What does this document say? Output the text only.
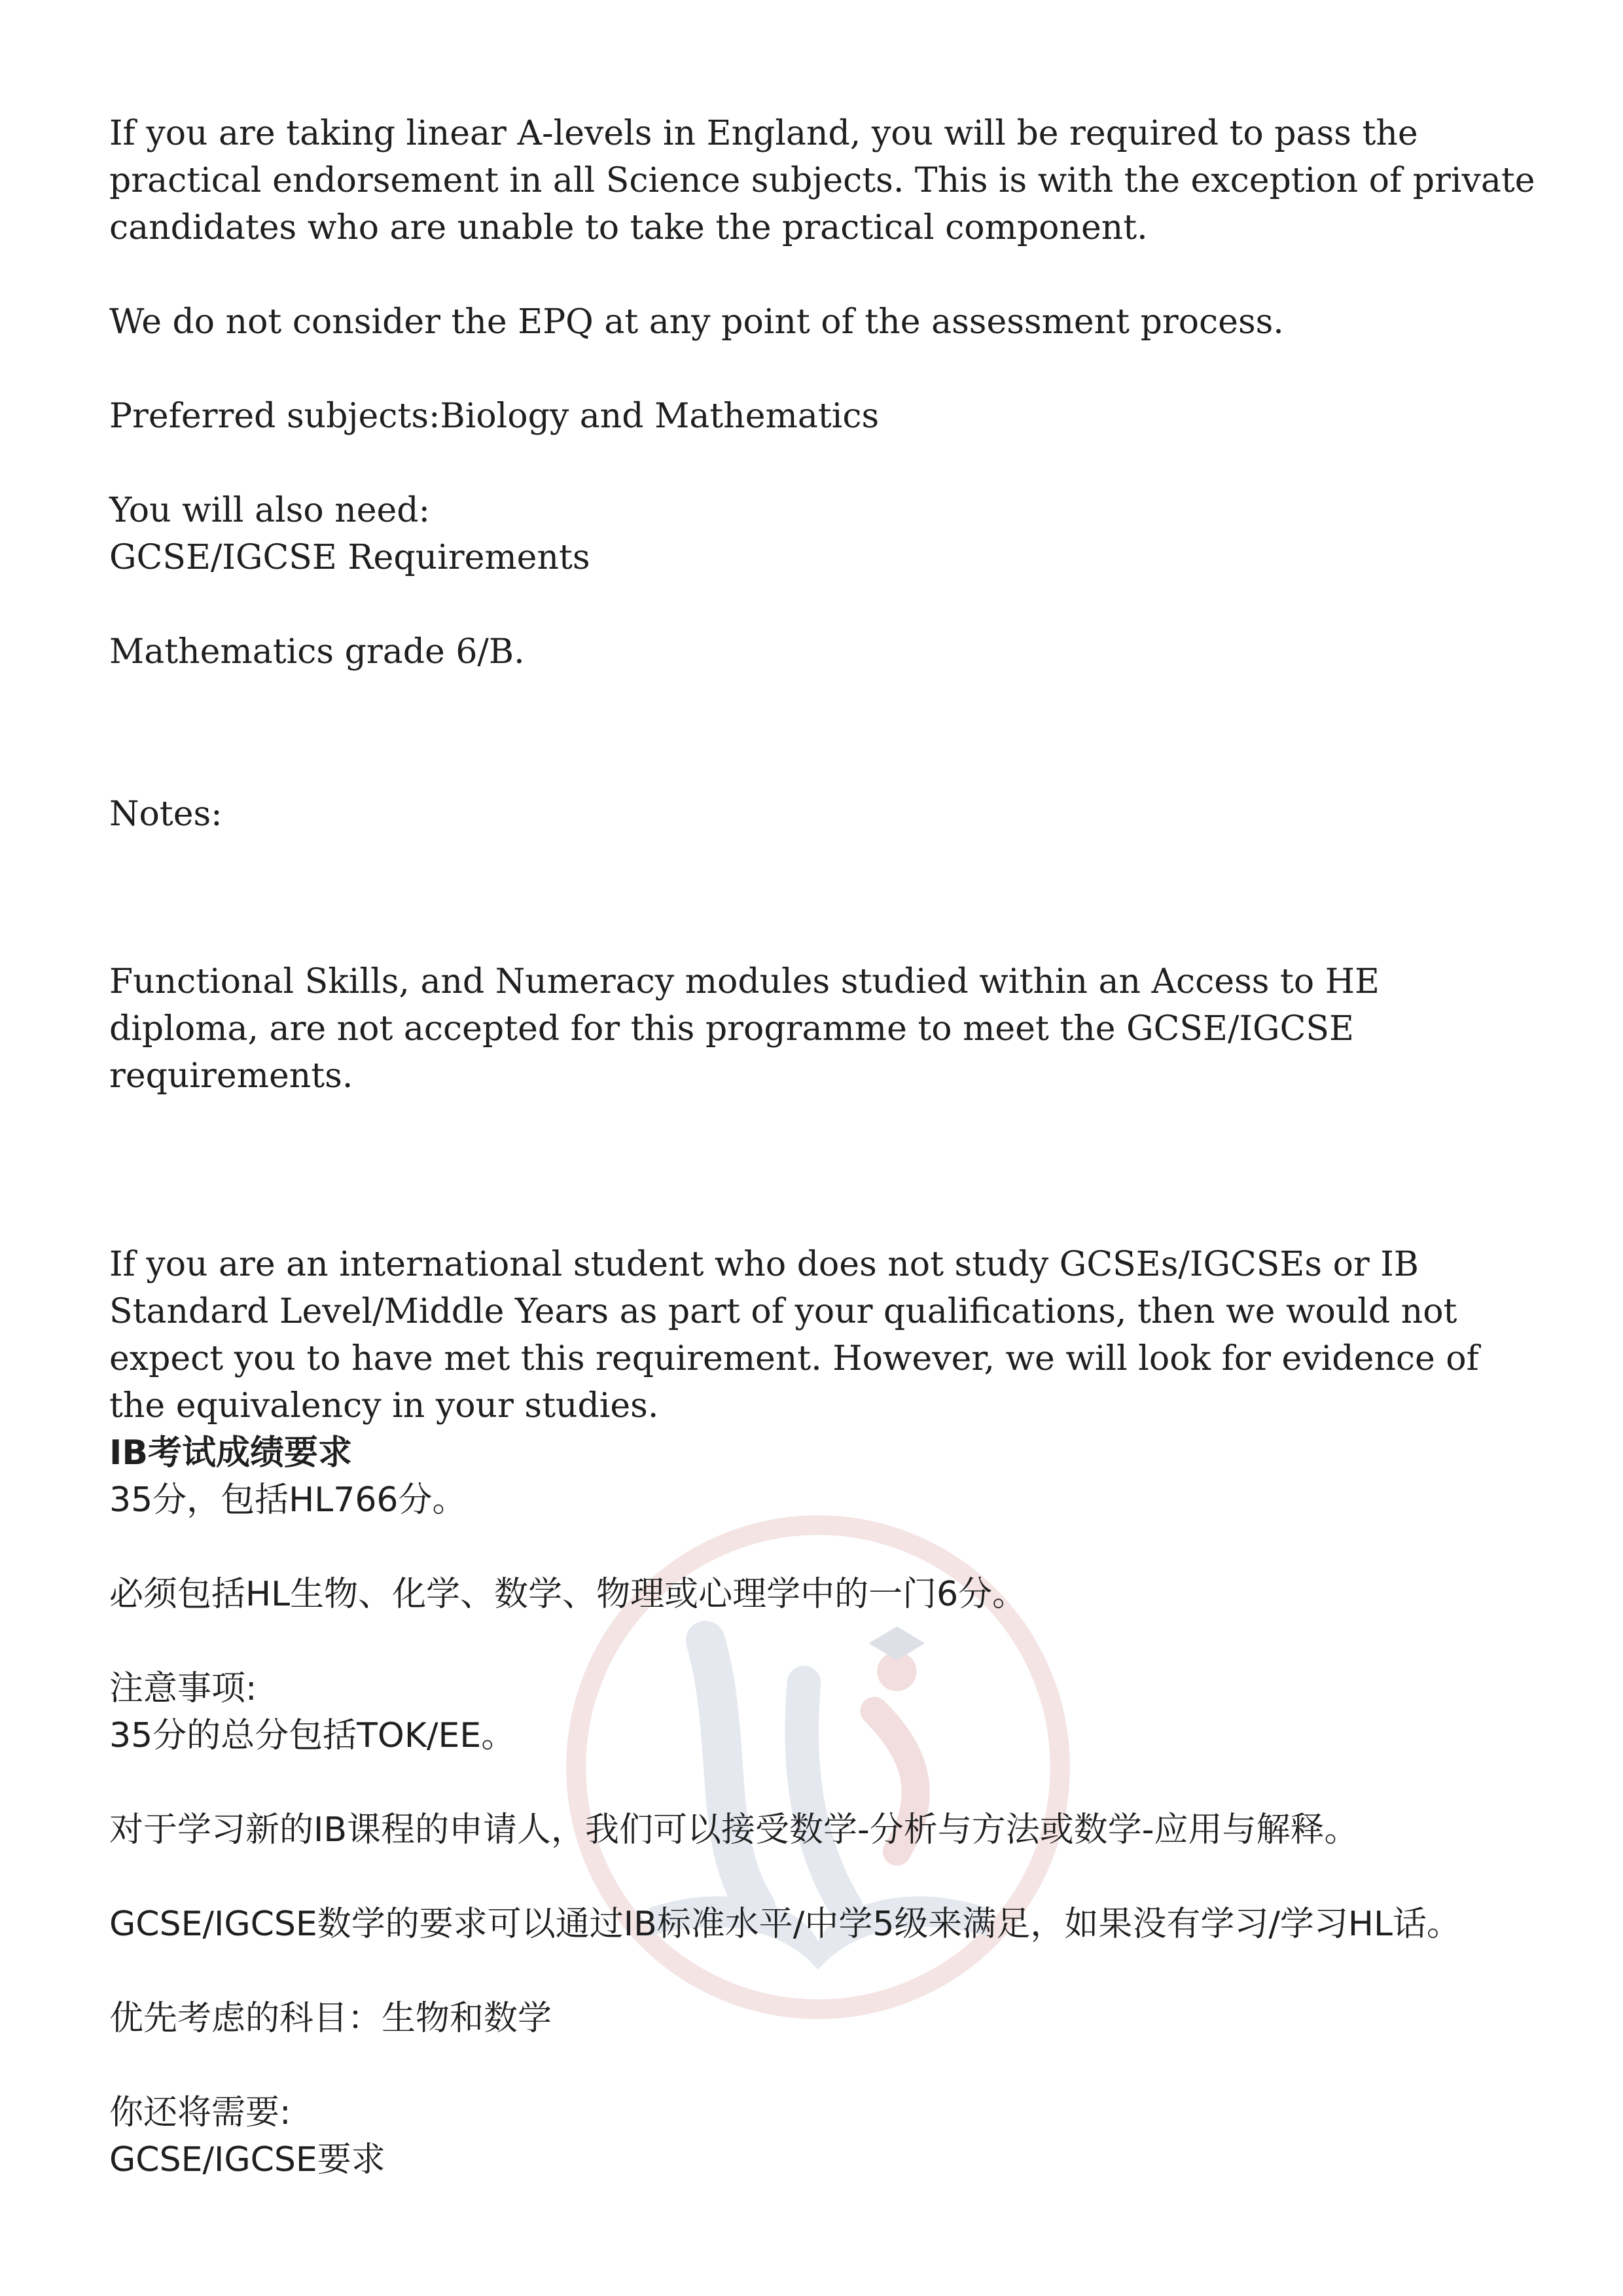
If you are taking linear A-levels in England, you will be required to pass the practical endorsement in all Science subjects. This is with the exception of private candidates who are unable to take the practical component.

We do not consider the EPQ at any point of the assessment process.

Preferred subjects:Biology and Mathematics

You will also need:

GCSE/IGCSE Requirements

Mathematics grade 6/B.

Notes:

Functional Skills, and Numeracy modules studied within an Access to HE diploma, are not accepted for this programme to meet the GCSE/IGCSE requirements.

If you are an international student who does not study GCSEs/IGCSEs or IB Standard Level/Middle Years as part of your qualifications, then we would not expect you to have met this requirement. However, we will look for evidence of the equivalency in your studies.

IB考试成绩要求

35分，包括HL766分。

必须包括HL生物、化学、数学、物理或心理学中的一门6分。

注意事项:

35分的总分包括TOK/EE。

对于学习新的IB课程的申请人，我们可以接受数学-分析与方法或数学-应用与解释。

GCSE/IGCSE数学的要求可以通过IB标准水平/中学5级来满足，如果没有学习/学习HL话。

优先考虑的科目：生物和数学

你还将需要:

GCSE/IGCSE要求
